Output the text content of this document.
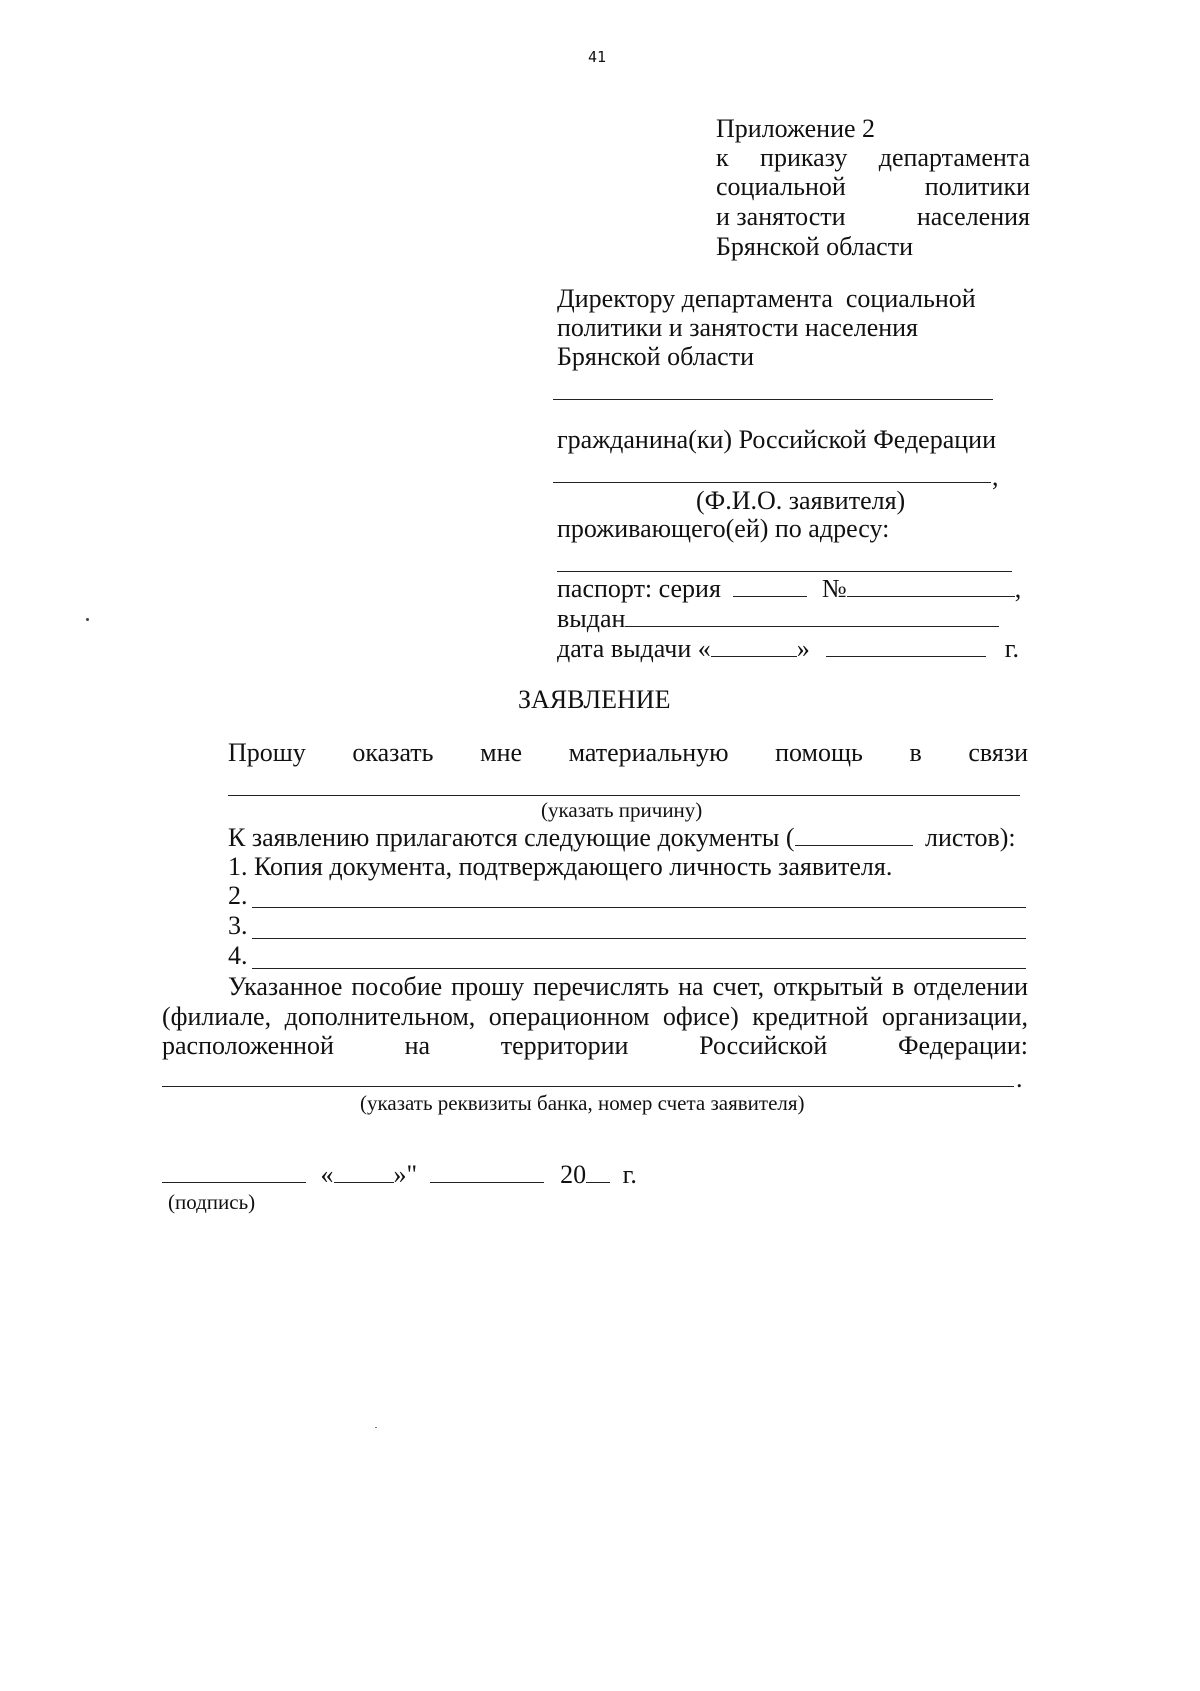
41
Приложение 2
к приказу департамента
социальной	политики
и занятости	населения
Брянской области
Директору департамента  социальной
политики и занятости населения
Брянской области
гражданина(ки) Российской Федерации
,
(Ф.И.О. заявителя)
проживающего(ей) по адресу:
паспорт: серия	№	,
выдан
дата выдачи «	»	г.
ЗАЯВЛЕНИЕ
Прошу оказать мне материальную помощь в связи
(указать причину)
К заявлению прилагаются следующие документы (	листов):
1. Копия документа, подтверждающего личность заявителя.
2.
3.
4.
Указанное пособие прошу перечислять на счет, открытый в отделении
(филиале, дополнительном, операционном офисе) кредитной организации,
расположенной	на	территории	Российской	Федерации:
.
(указать реквизиты банка, номер счета заявителя)
« »"	20 г.
(подпись)
